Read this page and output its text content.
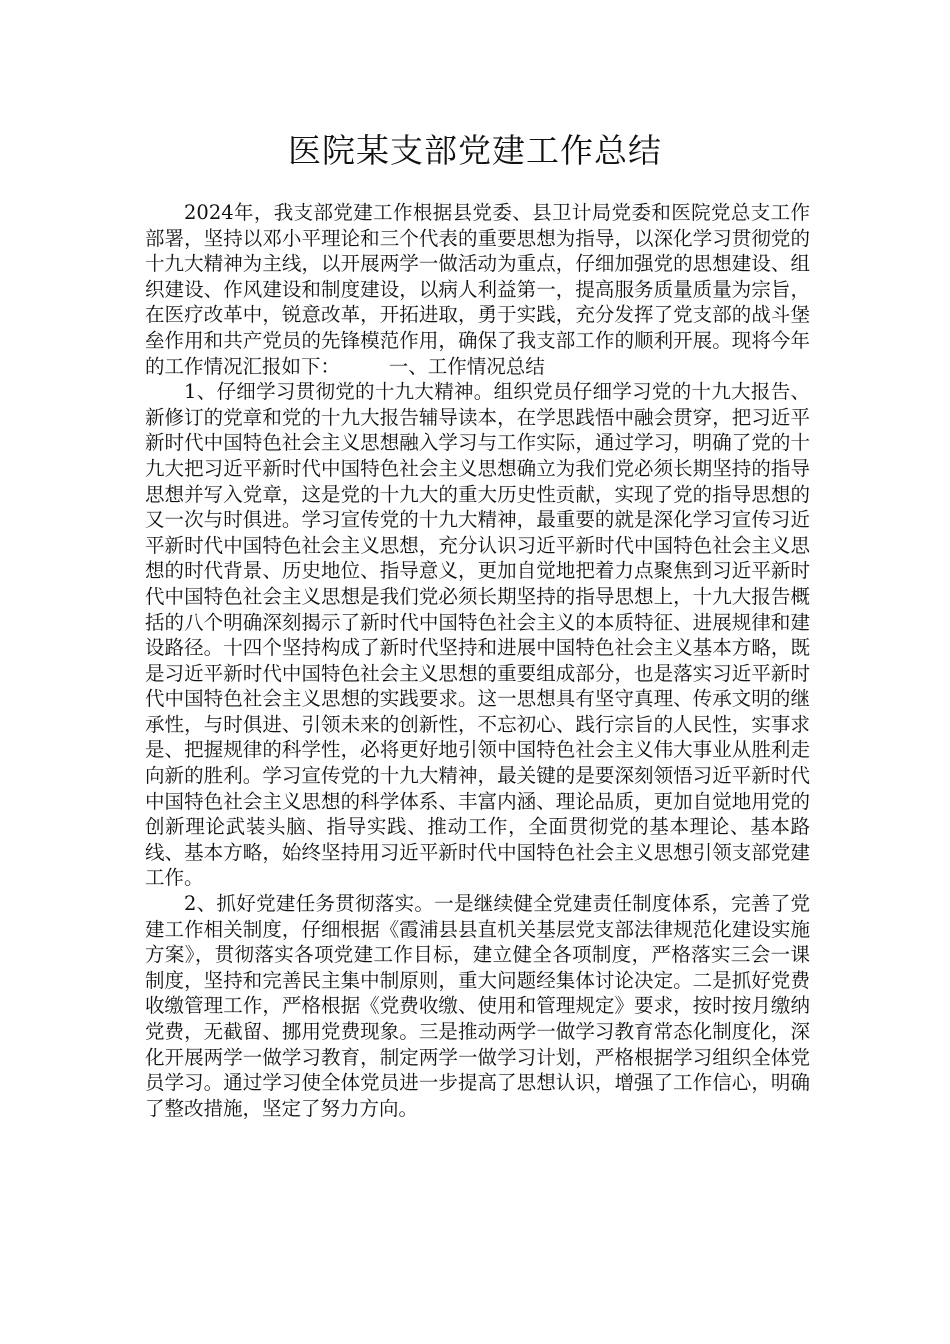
医院某支部党建工作总结

2024年，我支部党建工作根据县党委、县卫计局党委和医院党总支工作部署，坚持以邓小平理论和三个代表的重要思想为指导，以深化学习贯彻党的十九大精神为主线，以开展两学一做活动为重点，仔细加强党的思想建设、组织建设、作风建设和制度建设，以病人利益第一，提高服务质量质量为宗旨，在医疗改革中，锐意改革，开拓进取，勇于实践，充分发挥了党支部的战斗堡垒作用和共产党员的先锋模范作用，确保了我支部工作的顺利开展。现将今年的工作情况汇报如下：	一、工作情况总结

1、仔细学习贯彻党的十九大精神。组织党员仔细学习党的十九大报告、新修订的党章和党的十九大报告辅导读本，在学思践悟中融会贯穿，把习近平新时代中国特色社会主义思想融入学习与工作实际，通过学习，明确了党的十九大把习近平新时代中国特色社会主义思想确立为我们党必须长期坚持的指导思想并写入党章，这是党的十九大的重大历史性贡献，实现了党的指导思想的又一次与时俱进。学习宣传党的十九大精神，最重要的就是深化学习宣传习近平新时代中国特色社会主义思想，充分认识习近平新时代中国特色社会主义思想的时代背景、历史地位、指导意义，更加自觉地把着力点聚焦到习近平新时代中国特色社会主义思想是我们党必须长期坚持的指导思想上，十九大报告概括的八个明确深刻揭示了新时代中国特色社会主义的本质特征、进展规律和建设路径。十四个坚持构成了新时代坚持和进展中国特色社会主义基本方略，既是习近平新时代中国特色社会主义思想的重要组成部分，也是落实习近平新时代中国特色社会主义思想的实践要求。这一思想具有坚守真理、传承文明的继承性，与时俱进、引领未来的创新性，不忘初心、践行宗旨的人民性，实事求是、把握规律的科学性，必将更好地引领中国特色社会主义伟大事业从胜利走向新的胜利。学习宣传党的十九大精神，最关键的是要深刻领悟习近平新时代中国特色社会主义思想的科学体系、丰富内涵、理论品质，更加自觉地用党的创新理论武装头脑、指导实践、推动工作，全面贯彻党的基本理论、基本路线、基本方略，始终坚持用习近平新时代中国特色社会主义思想引领支部党建工作。

2、抓好党建任务贯彻落实。一是继续健全党建责任制度体系，完善了党建工作相关制度，仔细根据《霞浦县县直机关基层党支部法律规范化建设实施方案》，贯彻落实各项党建工作目标，建立健全各项制度，严格落实三会一课制度，坚持和完善民主集中制原则，重大问题经集体讨论决定。二是抓好党费收缴管理工作，严格根据《党费收缴、使用和管理规定》要求，按时按月缴纳党费，无截留、挪用党费现象。三是推动两学一做学习教育常态化制度化，深化开展两学一做学习教育，制定两学一做学习计划，严格根据学习组织全体党员学习。通过学习使全体党员进一步提高了思想认识，增强了工作信心，明确了整改措施，坚定了努力方向。
